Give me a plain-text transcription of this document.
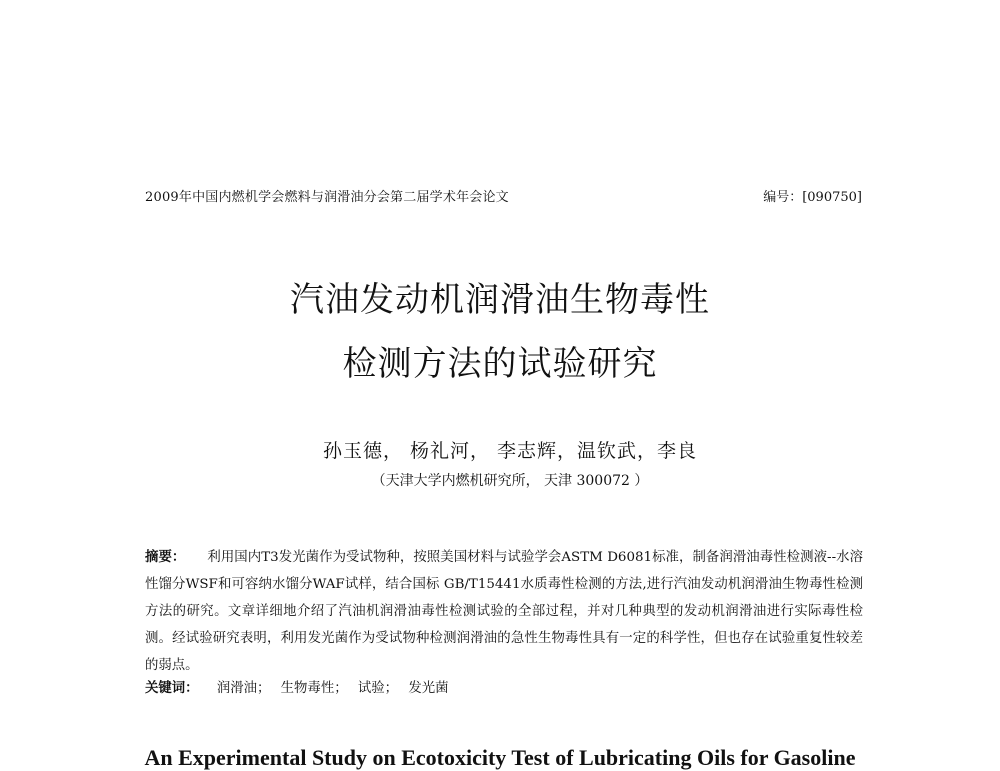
2009年中国内燃机学会燃料与润滑油分会第二届学术年会论文	编号：[090750]
汽油发动机润滑油生物毒性
检测方法的试验研究
孙玉德， 杨礼河， 李志辉，温钦武，李良
（天津大学内燃机研究所， 天津 300072 ）
摘要： 利用国内T3发光菌作为受试物种，按照美国材料与试验学会ASTM D6081标准，制备润滑油毒性检测液--水溶性馏分WSF和可容纳水馏分WAF试样，结合国标 GB/T15441水质毒性检测的方法,进行汽油发动机润滑油生物毒性检测方法的研究。文章详细地介绍了汽油机润滑油毒性检测试验的全部过程，并对几种典型的发动机润滑油进行实际毒性检测。经试验研究表明，利用发光菌作为受试物种检测润滑油的急性生物毒性具有一定的科学性，但也存在试验重复性较差的弱点。
关键词： 润滑油； 生物毒性； 试验； 发光菌
An Experimental Study on Ecotoxicity Test of Lubricating Oils for Gasoline
